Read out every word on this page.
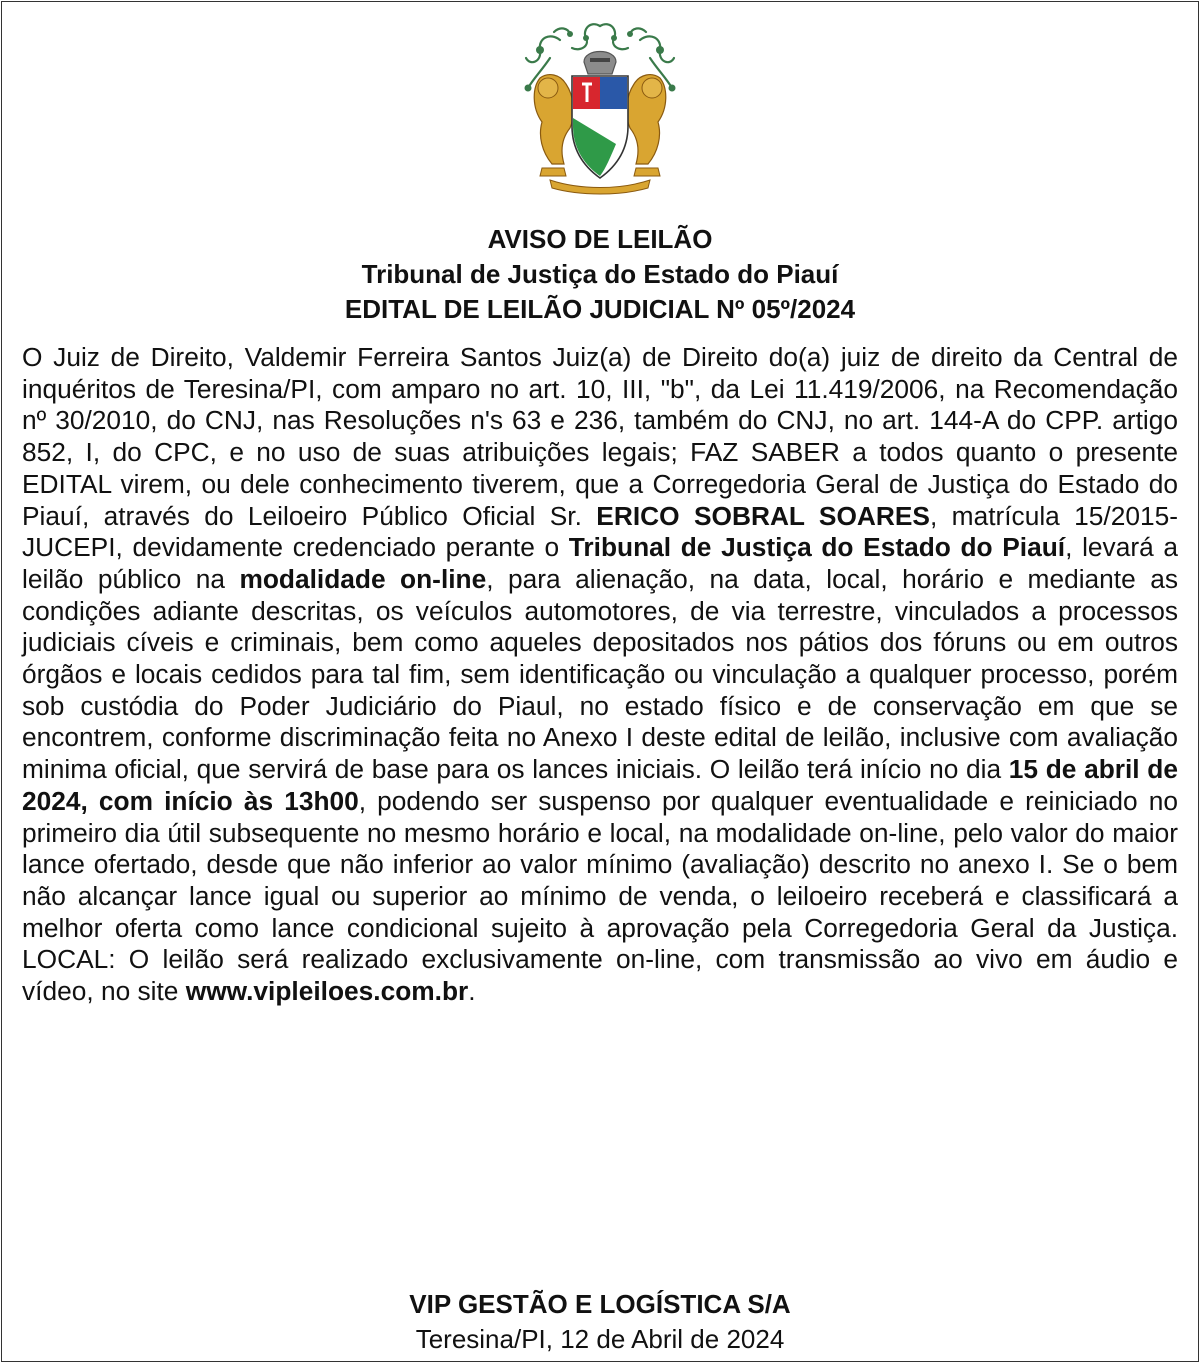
AVISO DE LEILÃO
Tribunal de Justiça do Estado do Piauí
EDITAL DE LEILÃO JUDICIAL Nº 05º/2024

O Juiz de Direito, Valdemir Ferreira Santos Juiz(a) de Direito do(a) juiz de direito da Central de inquéritos de Teresina/PI, com amparo no art. 10, III, "b", da Lei 11.419/2006, na Recomendação nº 30/2010, do CNJ, nas Resoluções n's 63 e 236, também do CNJ, no art. 144-A do CPP. artigo 852, I, do CPC, e no uso de suas atribuições legais; FAZ SABER a todos quanto o presente EDITAL virem, ou dele conhecimento tiverem, que a Corregedoria Geral de Justiça do Estado do Piauí, através do Leiloeiro Público Oficial Sr. ERICO SOBRAL SOARES, matrícula 15/2015-JUCEPI, devidamente credenciado perante o Tribunal de Justiça do Estado do Piauí, levará a leilão público na modalidade on-line, para alienação, na data, local, horário e mediante as condições adiante descritas, os veículos automotores, de via terrestre, vinculados a processos judiciais cíveis e criminais, bem como aqueles depositados nos pátios dos fóruns ou em outros órgãos e locais cedidos para tal fim, sem identificação ou vinculação a qualquer processo, porém sob custódia do Poder Judiciário do Piaul, no estado físico e de conservação em que se encontrem, conforme discriminação feita no Anexo I deste edital de leilão, inclusive com avaliação minima oficial, que servirá de base para os lances iniciais. O leilão terá início no dia 15 de abril de 2024, com início às 13h00, podendo ser suspenso por qualquer eventualidade e reiniciado no primeiro dia útil subsequente no mesmo horário e local, na modalidade on-line, pelo valor do maior lance ofertado, desde que não inferior ao valor mínimo (avaliação) descrito no anexo I. Se o bem não alcançar lance igual ou superior ao mínimo de venda, o leiloeiro receberá e classificará a melhor oferta como lance condicional sujeito à aprovação pela Corregedoria Geral da Justiça. LOCAL: O leilão será realizado exclusivamente on-line, com transmissão ao vivo em áudio e vídeo, no site www.vipleiloes.com.br.

VIP GESTÃO E LOGÍSTICA S/A
Teresina/PI, 12 de Abril de 2024
